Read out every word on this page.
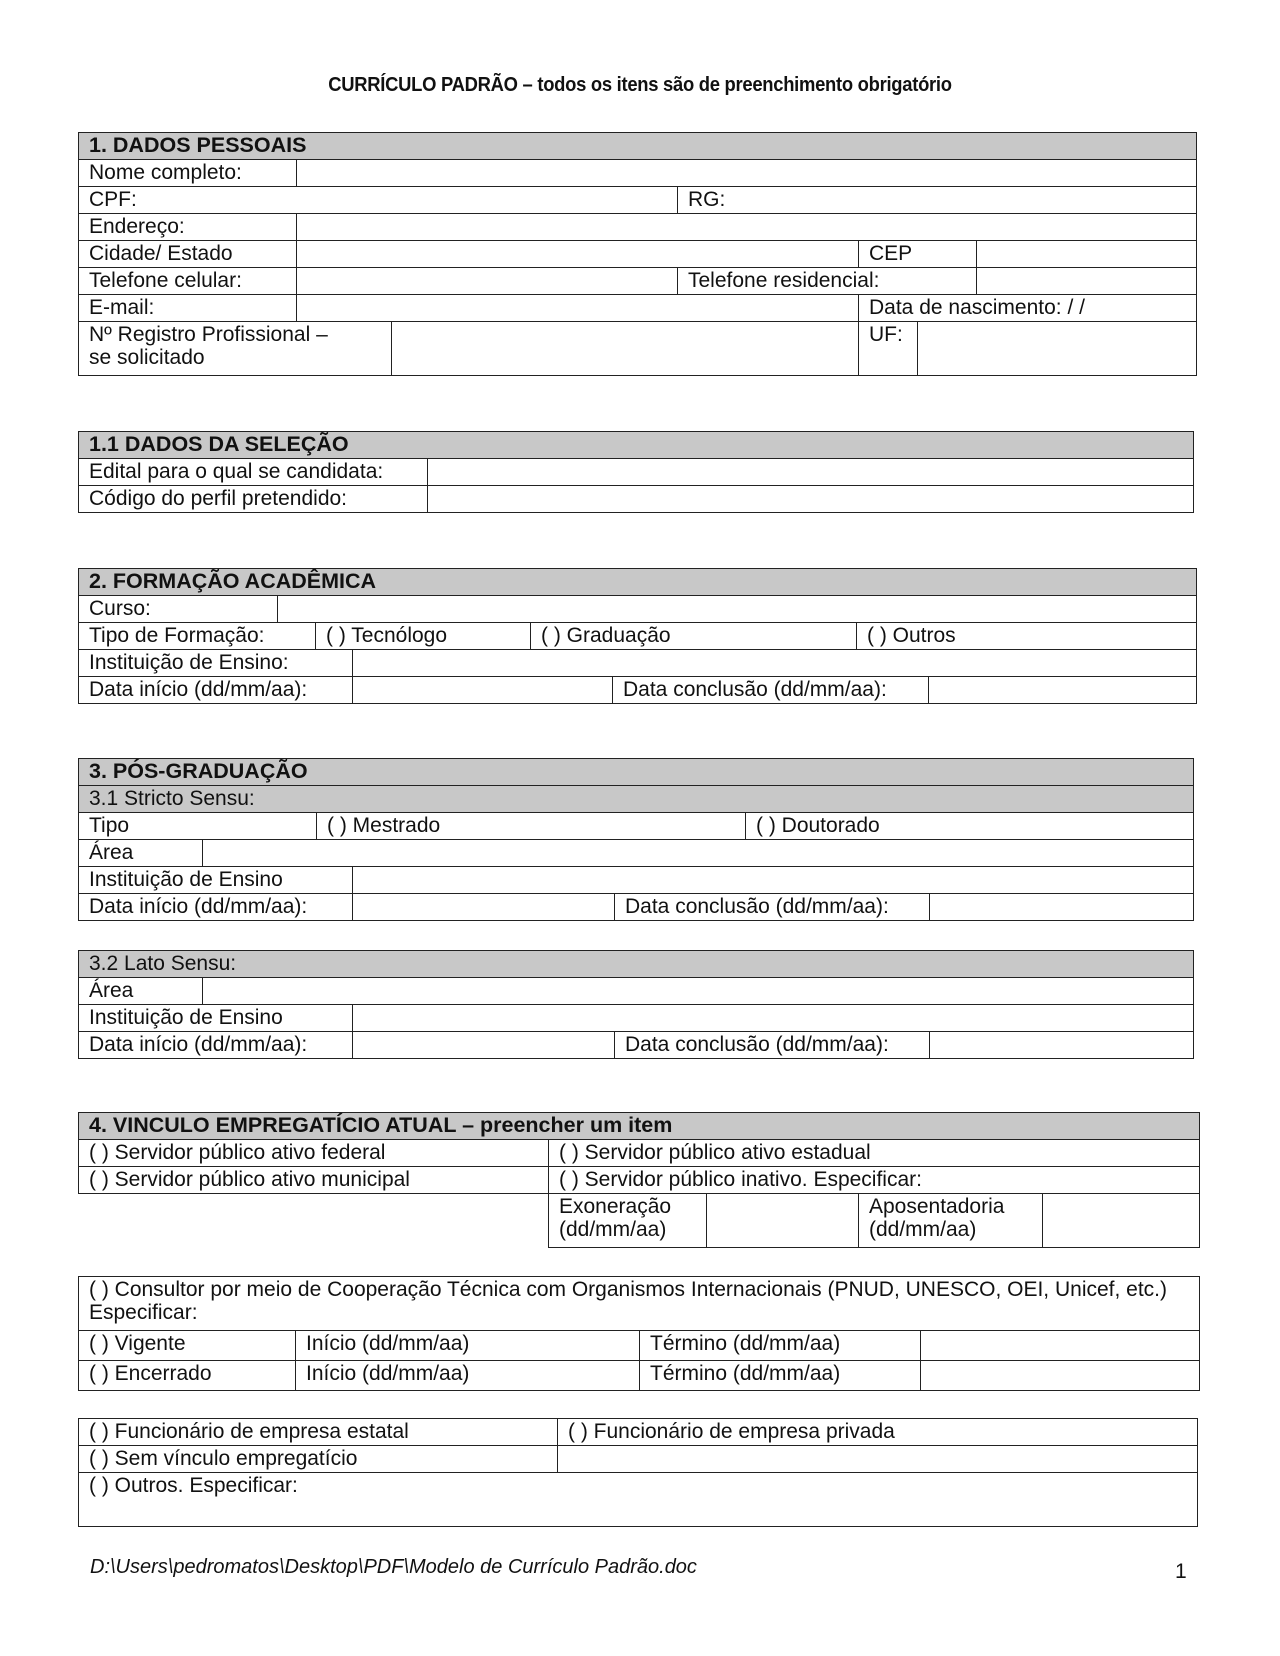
CURRÍCULO PADRÃO – todos os itens são de preenchimento obrigatório
1. DADOS PESSOAIS						
Nome completo:						
CPF:			RG:			
Endereço:						
Cidade/ Estado				CEP		
Telefone celular:			Telefone residencial:			
E-mail:				Data de nascimento: / /		

Nº Registro Profissional –
se solicitado				UF:		
1.1 DADOS DA SELEÇÃO	
Edital para o qual se candidata:	
Código do perfil pretendido:	
2. FORMAÇÃO ACADÊMICA							
Curso:							
Tipo de Formação:		( ) Tecnólogo		( ) Graduação		( ) Outros	
Instituição de Ensino:							
Data início (dd/mm/aa):					Data conclusão (dd/mm/aa):		
3. PÓS-GRADUAÇÃO						
3.1 Stricto Sensu:						
Tipo		( ) Mestrado			( ) Doutorado	
Área						
Instituição de Ensino						
Data início (dd/mm/aa):				Data conclusão (dd/mm/aa):		
3.2 Lato Sensu:				
Área				
Instituição de Ensino				
Data início (dd/mm/aa):			Data conclusão (dd/mm/aa):	
4. VINCULO EMPREGATÍCIO ATUAL – preencher um item				
( ) Servidor público ativo federal	( ) Servidor público ativo estadual			
( ) Servidor público ativo municipal	( ) Servidor público inativo. Especificar:			
	Exoneração (dd/mm/aa)		Aposentadoria (dd/mm/aa)	
( ) Consultor por meio de Cooperação Técnica com Organismos Internacionais (PNUD, UNESCO, OEI, Unicef, etc.) Especificar:			
( ) Vigente	Início (dd/mm/aa)	Término (dd/mm/aa)	
( ) Encerrado	Início (dd/mm/aa)	Término (dd/mm/aa)	
( ) Funcionário de empresa estatal	( ) Funcionário de empresa privada
( ) Sem vínculo empregatício	
( ) Outros. Especificar:	
D:\Users\pedromatos\Desktop\PDF\Modelo de Currículo Padrão.doc	1
